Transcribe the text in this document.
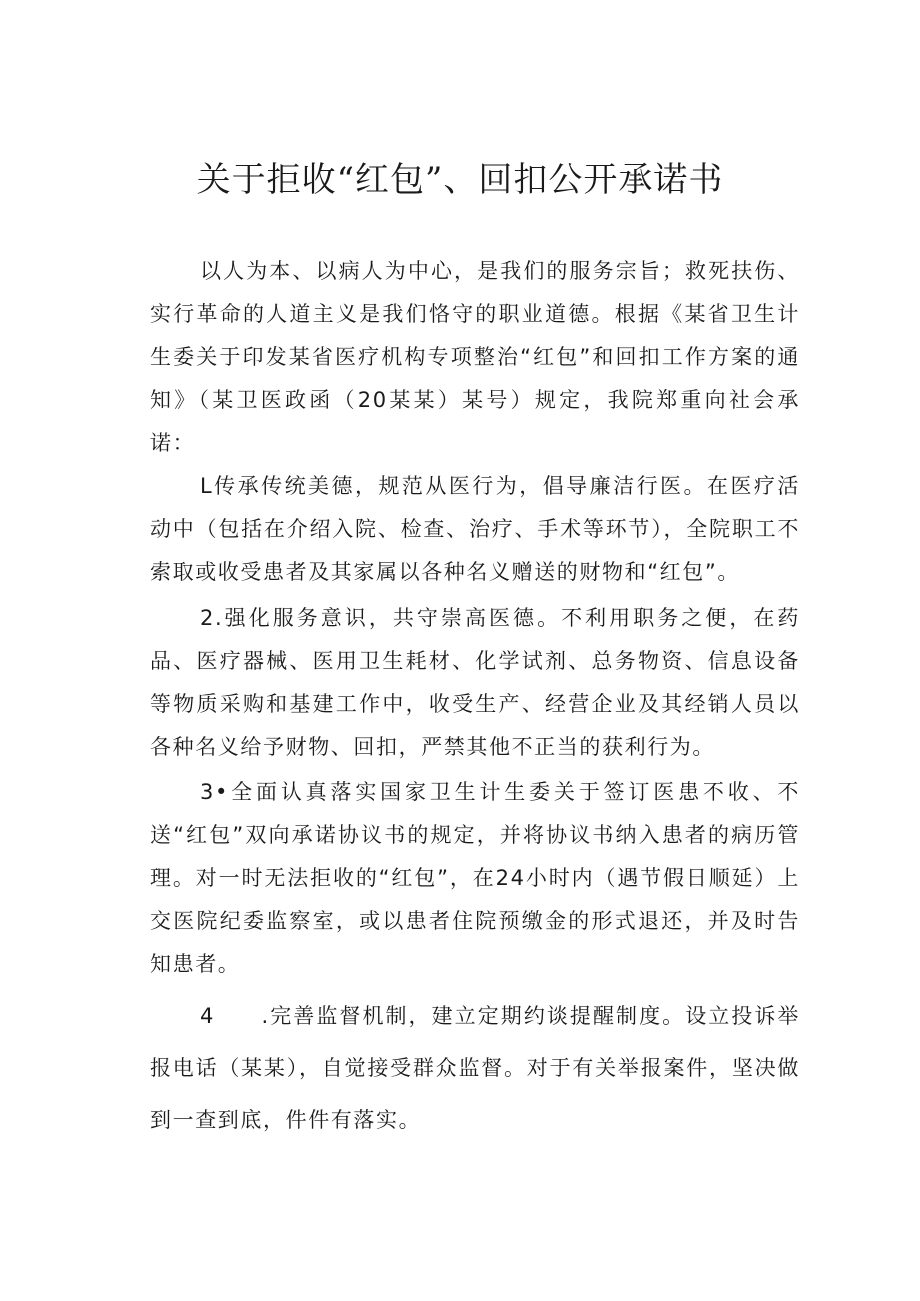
关于拒收“红包”、回扣公开承诺书

以人为本、以病人为中心，是我们的服务宗旨；救死扶伤、实行革命的人道主义是我们恪守的职业道德。根据《某省卫生计生委关于印发某省医疗机构专项整治“红包”和回扣工作方案的通知》（某卫医政函（20某某）某号）规定，我院郑重向社会承诺：

L传承传统美德，规范从医行为，倡导廉洁行医。在医疗活动中（包括在介绍入院、检查、治疗、手术等环节），全院职工不索取或收受患者及其家属以各种名义赠送的财物和“红包”。

2.强化服务意识，共守崇高医德。不利用职务之便，在药品、医疗器械、医用卫生耗材、化学试剂、总务物资、信息设备等物质采购和基建工作中，收受生产、经营企业及其经销人员以各种名义给予财物、回扣，严禁其他不正当的获利行为。

3•全面认真落实国家卫生计生委关于签订医患不收、不送“红包”双向承诺协议书的规定，并将协议书纳入患者的病历管理。对一时无法拒收的“红包”，在24小时内（遇节假日顺延）上交医院纪委监察室，或以患者住院预缴金的形式退还，并及时告知患者。

4　　.完善监督机制，建立定期约谈提醒制度。设立投诉举报电话（某某），自觉接受群众监督。对于有关举报案件，坚决做到一查到底，件件有落实。
